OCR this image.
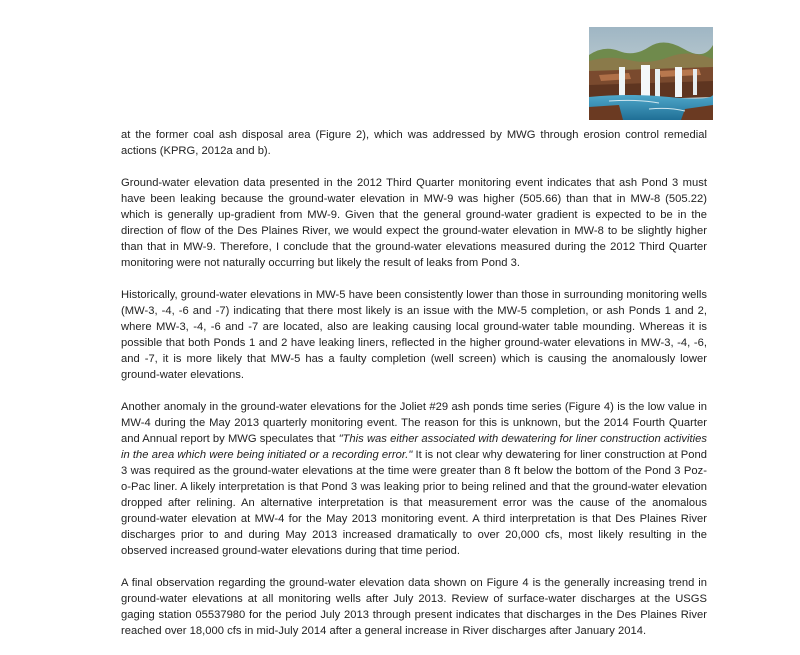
at the former coal ash disposal area (Figure 2), which was addressed by MWG through erosion control remedial actions (KPRG, 2012a and b).

Ground-water elevation data presented in the 2012 Third Quarter monitoring event indicates that ash Pond 3 must have been leaking because the ground-water elevation in MW-9 was higher (505.66) than that in MW-8 (505.22) which is generally up-gradient from MW-9. Given that the general ground-water gradient is expected to be in the direction of flow of the Des Plaines River, we would expect the ground-water elevation in MW-8 to be slightly higher than that in MW-9. Therefore, I conclude that the ground-water elevations measured during the 2012 Third Quarter monitoring were not naturally occurring but likely the result of leaks from Pond 3.

Historically, ground-water elevations in MW-5 have been consistently lower than those in surrounding monitoring wells (MW-3, -4, -6 and -7) indicating that there most likely is an issue with the MW-5 completion, or ash Ponds 1 and 2, where MW-3, -4, -6 and -7 are located, also are leaking causing local ground-water table mounding. Whereas it is possible that both Ponds 1 and 2 have leaking liners, reflected in the higher ground-water elevations in MW-3, -4, -6, and -7, it is more likely that MW-5 has a faulty completion (well screen) which is causing the anomalously lower ground-water elevations.

Another anomaly in the ground-water elevations for the Joliet #29 ash ponds time series (Figure 4) is the low value in MW-4 during the May 2013 quarterly monitoring event. The reason for this is unknown, but the 2014 Fourth Quarter and Annual report by MWG speculates that "This was either associated with dewatering for liner construction activities in the area which were being initiated or a recording error." It is not clear why dewatering for liner construction at Pond 3 was required as the ground-water elevations at the time were greater than 8 ft below the bottom of the Pond 3 Poz-o-Pac liner. A likely interpretation is that Pond 3 was leaking prior to being relined and that the ground-water elevation dropped after relining. An alternative interpretation is that measurement error was the cause of the anomalous ground-water elevation at MW-4 for the May 2013 monitoring event. A third interpretation is that Des Plaines River discharges prior to and during May 2013 increased dramatically to over 20,000 cfs, most likely resulting in the observed increased ground-water elevations during that time period.

A final observation regarding the ground-water elevation data shown on Figure 4 is the generally increasing trend in ground-water elevations at all monitoring wells after July 2013. Review of surface-water discharges at the USGS gaging station 05537980 for the period July 2013 through present indicates that discharges in the Des Plaines River reached over 18,000 cfs in mid-July 2014 after a general increase in River discharges after January 2014.
